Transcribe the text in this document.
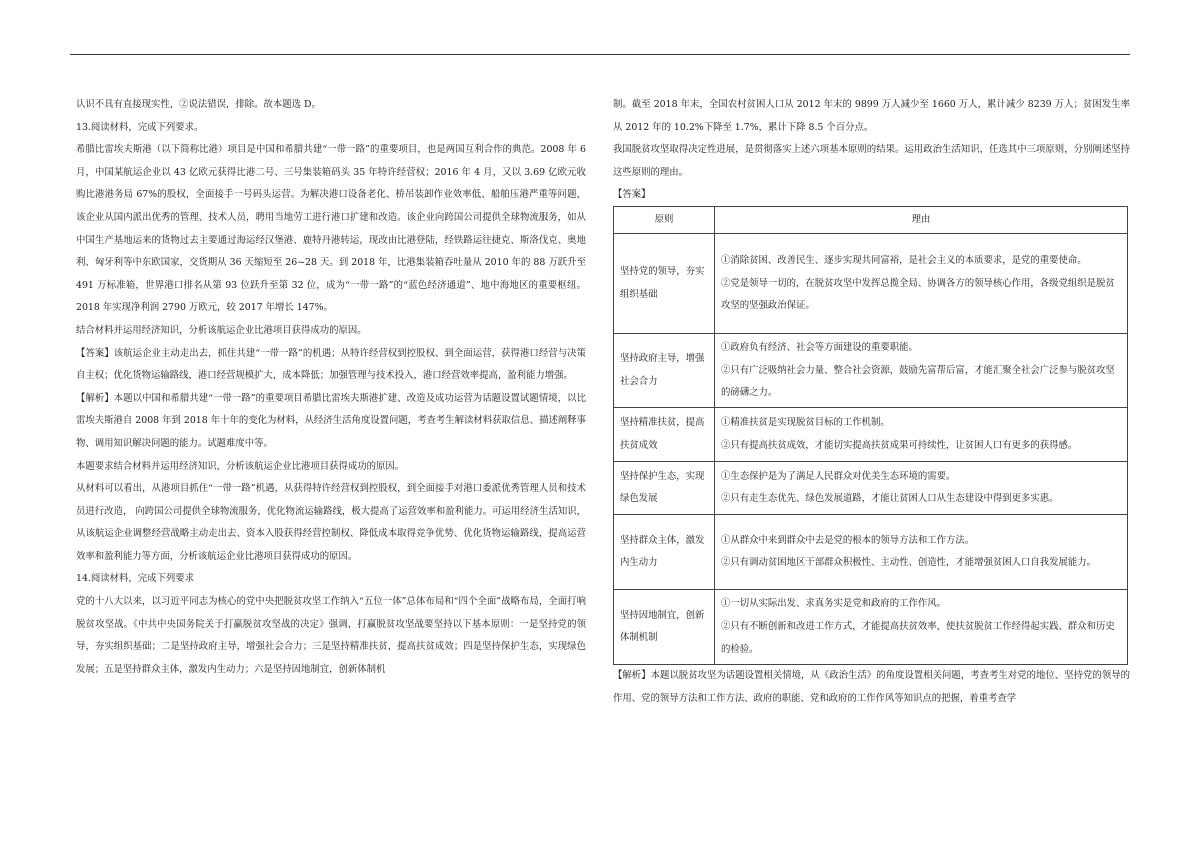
认识不具有直接现实性，②说法错误，排除。故本题选 D。

13.阅读材料，完成下列要求。

希腊比雷埃夫斯港（以下简称比港）项目是中国和希腊共建“一带一路”的重要项目，也是两国互利合作的典范。2008 年 6 月，中国某航运企业以 43 亿欧元获得比港二号、三号集装箱码头 35 年特许经营权；2016 年 4 月，又以 3.69 亿欧元收购比港港务局 67%的股权，全面接手一号码头运营。为解决港口设备老化、桥吊装卸作业效率低、船舶压港严重等问题，该企业从国内派出优秀的管理、技术人员，聘用当地劳工进行港口扩建和改造。该企业向跨国公司提供全球物流服务，如从中国生产基地运来的货物过去主要通过海运经汉堡港、鹿特丹港转运，现改由比港登陆，经铁路运往捷克、斯洛伐克、奥地利、匈牙利等中东欧国家，交货期从 36 天缩短至 26~28 天。到 2018 年，比港集装箱吞吐量从 2010 年的 88 万跃升至 491 万标准箱，世界港口排名从第 93 位跃升至第 32 位，成为“一带一路”的“蓝色经济通道”、地中海地区的重要枢纽。2018 年实现净利润 2790 万欧元，较 2017 年增长 147%。

结合材料并运用经济知识，分析该航运企业比港项目获得成功的原因。

【答案】该航运企业主动走出去，抓住共建“一带一路”的机遇；从特许经营权到控股权、到全面运营，获得港口经营与决策自主权；优化货物运输路线，港口经营规模扩大，成本降低；加强管理与技术投入，港口经营效率提高，盈利能力增强。

【解析】本题以中国和希腊共建“一带一路”的重要项目希腊比雷埃夫斯港扩建、改造及成功运营为话题设置试题情境，以比雷埃夫斯港自 2008 年到 2018 年十年的变化为材料，从经济生活角度设置问题，考查考生解读材料获取信息、描述阐释事物、调用知识解决问题的能力。试题难度中等。

本题要求结合材料并运用经济知识，分析该航运企业比港项目获得成功的原因。

从材料可以看出，从港项目抓住“一带一路”机遇，从获得特许经营权到控股权，到全面接手对港口委派优秀管理人员和技术员进行改造， 向跨国公司提供全球物流服务，优化物流运输路线，极大提高了运营效率和盈利能力。可运用经济生活知识，从该航运企业调整经营战略主动走出去、资本入股获得经营控制权、降低成本取得竞争优势、优化货物运输路线，提高运营效率和盈利能力等方面，分析该航运企业比港项目获得成功的原因。

14.阅读材料，完成下列要求

党的十八大以来，以习近平同志为核心的党中央把脱贫攻坚工作纳入“五位一体”总体布局和“四个全面”战略布局，全面打响脱贫攻坚战。《中共中央国务院关于打赢脱贫攻坚战的决定》强调，打赢脱贫攻坚战要坚持以下基本原则：一是坚持党的领导，夯实组织基础；二是坚持政府主导，增强社会合力；三是坚持精准扶贫，提高扶贫成效；四是坚持保护生态，实现绿色发展；五是坚持群众主体，激发内生动力；六是坚持因地制宜，创新体制机

制。截至 2018 年末，全国农村贫困人口从 2012 年末的 9899 万人减少至 1660 万人，累计减少 8239 万人；贫困发生率从 2012 年的 10.2%下降至 1.7%，累计下降 8.5 个百分点。

我国脱贫攻坚取得决定性进展，是贯彻落实上述六项基本原则的结果。运用政治生活知识，任选其中三项原则，分别阐述坚持这些原则的理由。

【答案】

原则	理由
坚持党的领导，夯实组织基础	①消除贫困、改善民生、逐步实现共同富裕，是社会主义的本质要求，是党的重要使命。
②党是领导一切的，在脱贫攻坚中发挥总揽全局、协调各方的领导核心作用，各级党组织是脱贫攻坚的坚强政治保证。

坚持政府主导，增强社会合力	①政府负有经济、社会等方面建设的重要职能。
②只有广泛吸纳社会力量、整合社会资源，鼓励先富帮后富，才能汇聚全社会广泛参与脱贫攻坚的磅礴之力。

坚持精准扶贫，提高扶贫成效	①精准扶贫是实现脱贫目标的工作机制。
②只有提高扶贫成效，才能切实提高扶贫成果可持续性，让贫困人口有更多的获得感。

坚持保护生态，实现绿色发展	①生态保护是为了满足人民群众对优美生态环境的需要。
②只有走生态优先、绿色发展道路，才能让贫困人口从生态建设中得到更多实惠。

坚持群众主体，激发内生动力	①从群众中来到群众中去是党的根本的领导方法和工作方法。
②只有调动贫困地区干部群众积极性、主动性、创造性，才能增强贫困人口自我发展能力。

坚持因地制宜，创新体制机制	①一切从实际出发、求真务实是党和政府的工作作风。
②只有不断创新和改进工作方式，才能提高扶贫效率，使扶贫脱贫工作经得起实践、群众和历史的检验。

【解析】本题以脱贫攻坚为话题设置相关情境，从《政治生活》的角度设置相关问题，考查考生对党的地位、坚持党的领导的作用、党的领导方法和工作方法、政府的职能、党和政府的工作作风等知识点的把握，着重考查学
